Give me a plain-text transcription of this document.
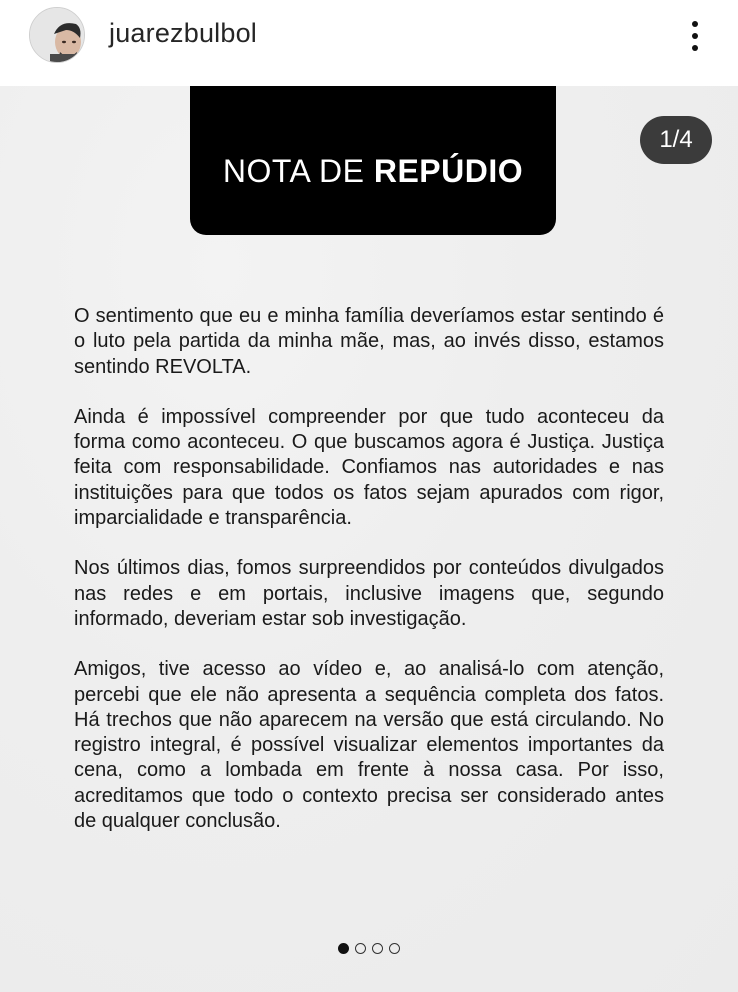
juarezbulbol
NOTA DE REPÚDIO
1/4

O sentimento que eu e minha família deveríamos estar sentindo é o luto pela partida da minha mãe, mas, ao invés disso, estamos sentindo REVOLTA.

Ainda é impossível compreender por que tudo aconteceu da forma como aconteceu. O que buscamos agora é Justiça. Justiça feita com responsabilidade. Confiamos nas autoridades e nas instituições para que todos os fatos sejam apurados com rigor, imparcialidade e transparência.

Nos últimos dias, fomos surpreendidos por conteúdos divulgados nas redes e em portais, inclusive imagens que, segundo informado, deveriam estar sob investigação.

Amigos, tive acesso ao vídeo e, ao analisá-lo com atenção, percebi que ele não apresenta a sequência completa dos fatos. Há trechos que não aparecem na versão que está circulando. No registro integral, é possível visualizar elementos importantes da cena, como a lombada em frente à nossa casa. Por isso, acreditamos que todo o contexto precisa ser considerado antes de qualquer conclusão.
